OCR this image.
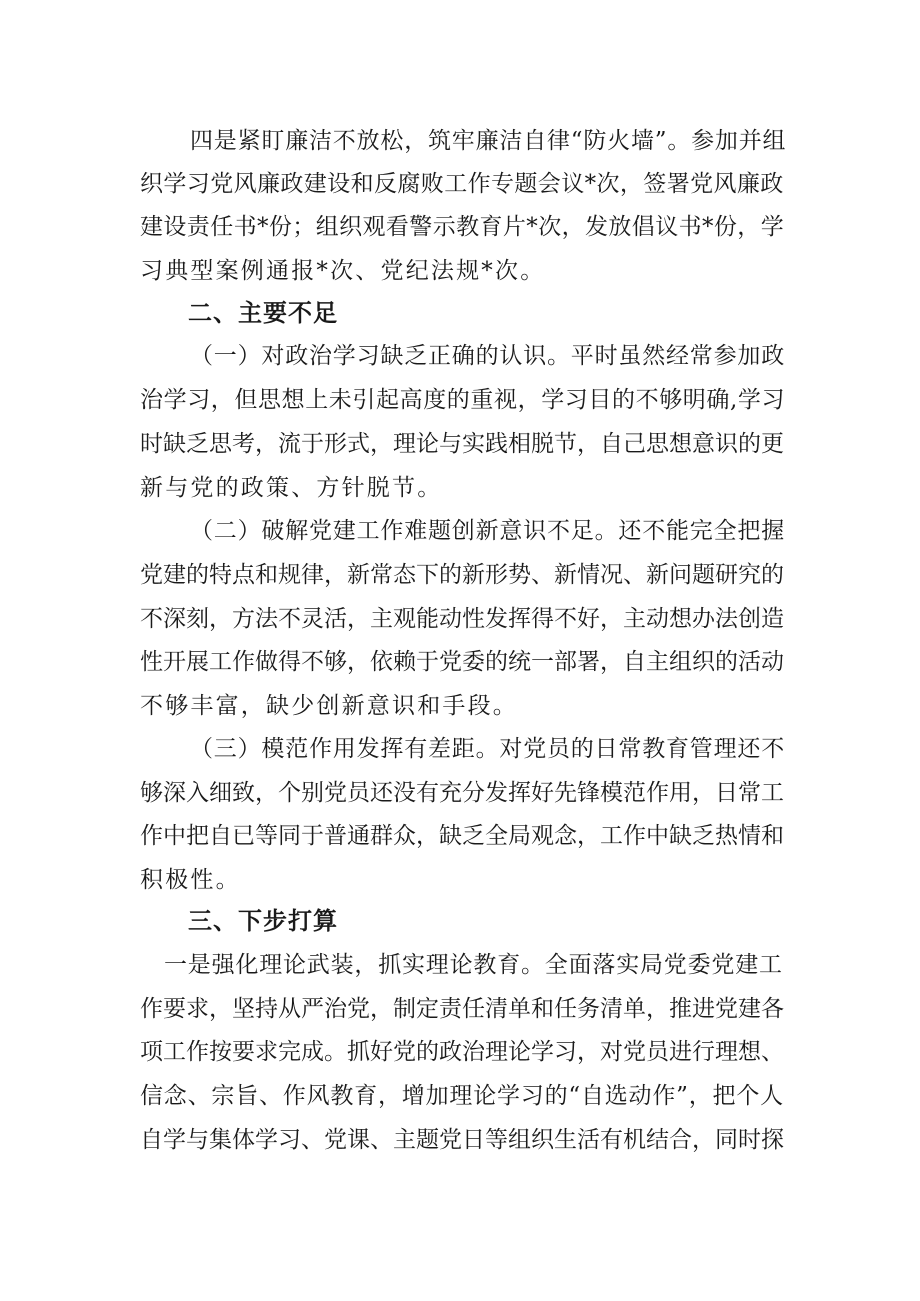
四是紧盯廉洁不放松，筑牢廉洁自律“防火墙”。参加并组
织学习党风廉政建设和反腐败工作专题会议*次，签署党风廉政
建设责任书*份；组织观看警示教育片*次，发放倡议书*份，学
习典型案例通报*次、党纪法规*次。
二、主要不足
（一）对政治学习缺乏正确的认识。平时虽然经常参加政
治学习，但思想上未引起高度的重视，学习目的不够明确,学习
时缺乏思考，流于形式，理论与实践相脱节，自己思想意识的更
新与党的政策、方针脱节。
（二）破解党建工作难题创新意识不足。还不能完全把握
党建的特点和规律，新常态下的新形势、新情况、新问题研究的
不深刻，方法不灵活，主观能动性发挥得不好，主动想办法创造
性开展工作做得不够，依赖于党委的统一部署，自主组织的活动
不够丰富，缺少创新意识和手段。
（三）模范作用发挥有差距。对党员的日常教育管理还不
够深入细致，个别党员还没有充分发挥好先锋模范作用，日常工
作中把自已等同于普通群众，缺乏全局观念，工作中缺乏热情和
积极性。
三、下步打算
一是强化理论武装，抓实理论教育。全面落实局党委党建工
作要求，坚持从严治党，制定责任清单和任务清单，推进党建各
项工作按要求完成。抓好党的政治理论学习，对党员进行理想、
信念、宗旨、作风教育，增加理论学习的“自选动作”，把个人
自学与集体学习、党课、主题党日等组织生活有机结合，同时探
